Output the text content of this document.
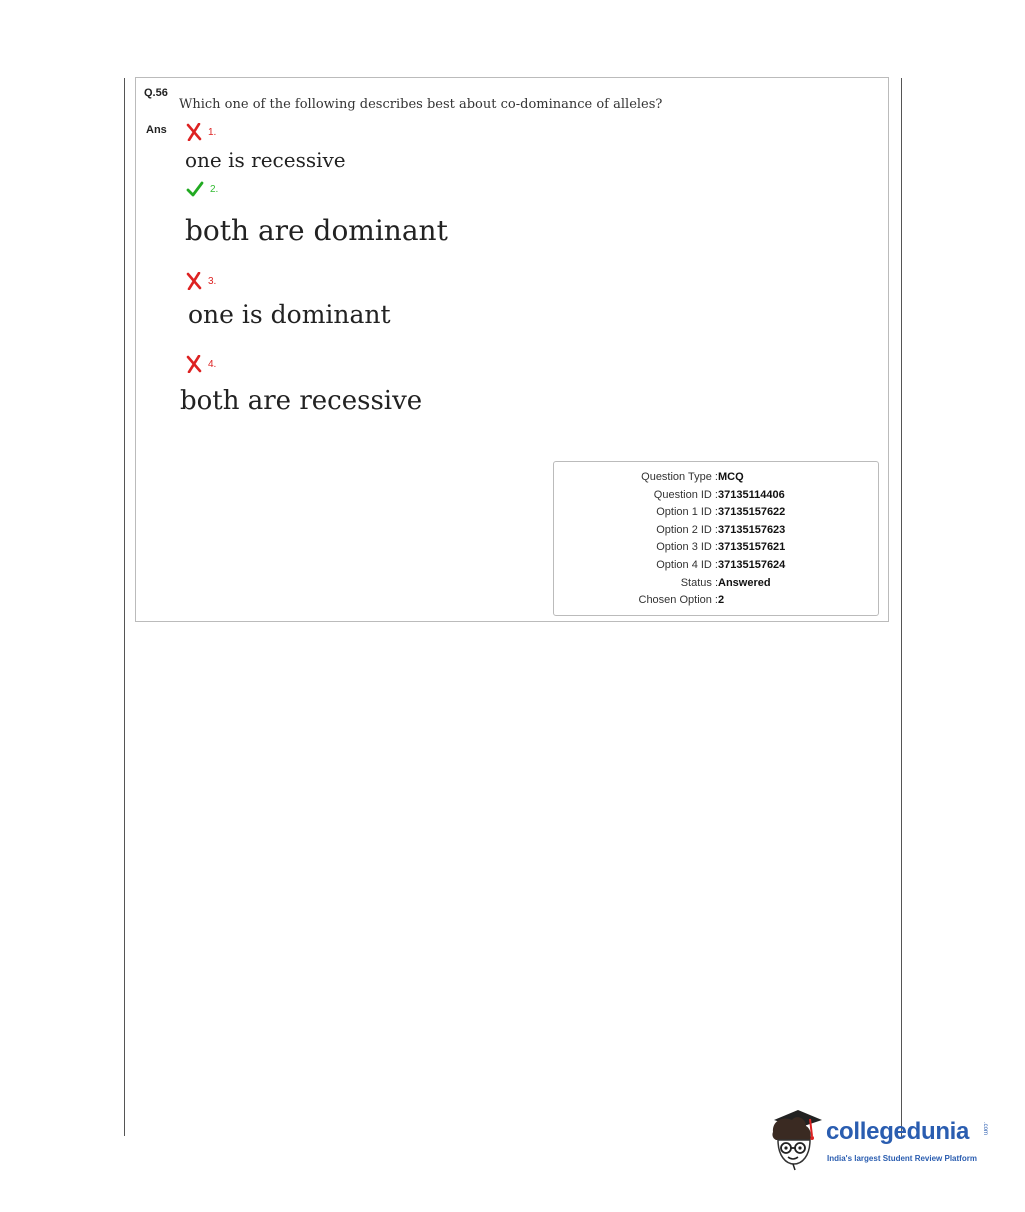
Q.56
Which one of the following describes best about co-dominance of alleles?
Ans	1.
one is recessive
2.
both are dominant
3.
one is dominant
4.
both are recessive
Question Type : MCQ
Question ID : 37135114406
Option 1 ID : 37135157622
Option 2 ID : 37135157623
Option 3 ID : 37135157621
Option 4 ID : 37135157624
Status : Answered
Chosen Option : 2
collegedunia .com
India's largest Student Review Platform
